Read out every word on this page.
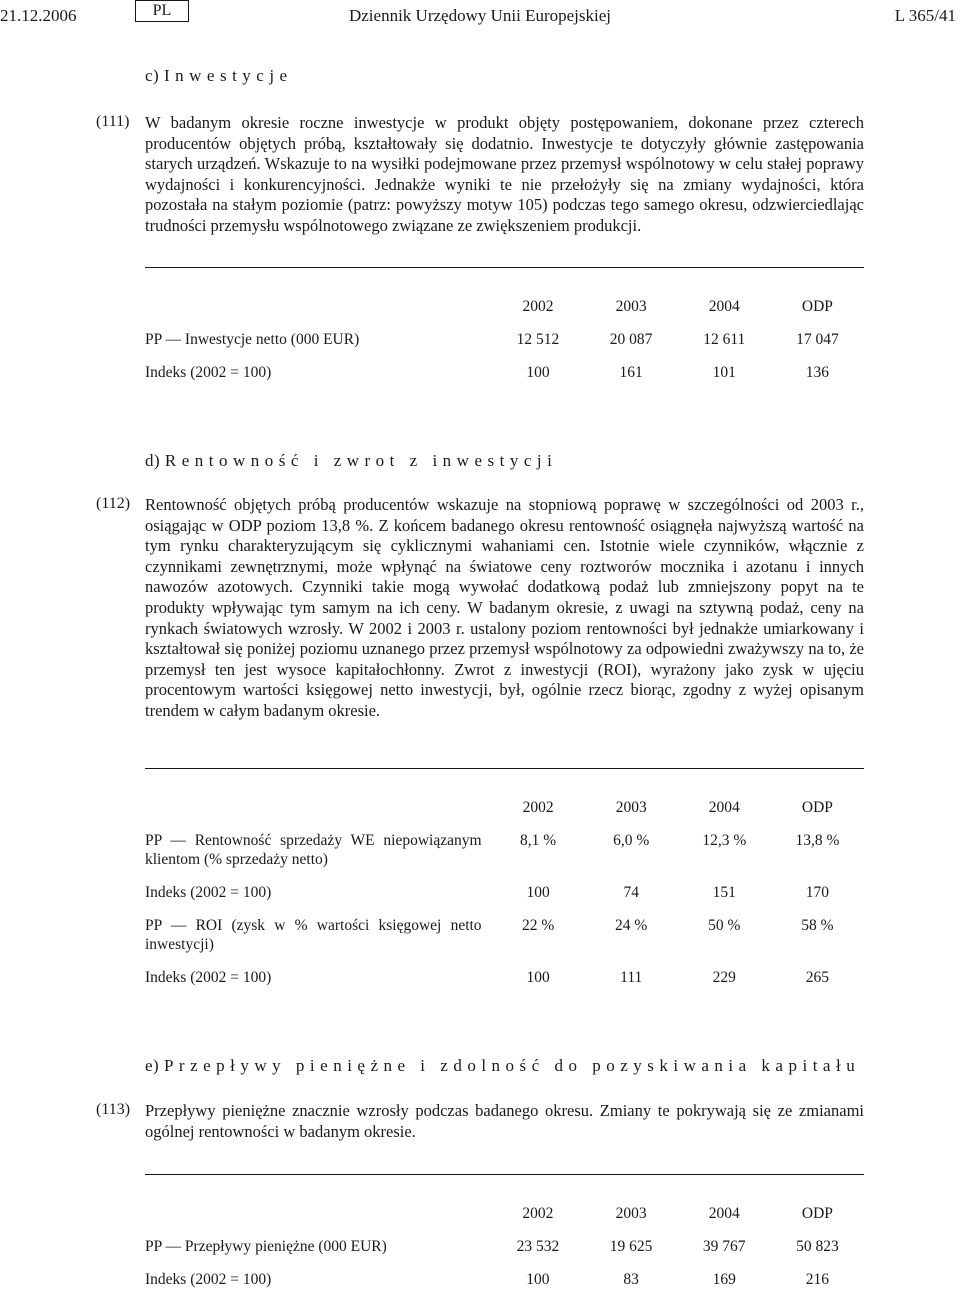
21.12.2006	PL	Dziennik Urzędowy Unii Europejskiej	L 365/41
c) Inwestycje
(111) W badanym okresie roczne inwestycje w produkt objęty postępowaniem, dokonane przez czterech producentów objętych próbą, kształtowały się dodatnio. Inwestycje te dotyczyły głównie zastępowania starych urządzeń. Wskazuje to na wysiłki podejmowane przez przemysł wspólnotowy w celu stałej poprawy wydajności i konkurencyjności. Jednakże wyniki te nie przełożyły się na zmiany wydajności, która pozostała na stałym poziomie (patrz: powyższy motyw 105) podczas tego samego okresu, odzwierciedlając trudności przemysłu wspólnotowego związane ze zwiększeniem produkcji.
	2002	2003	2004	ODP
PP — Inwestycje netto (000 EUR)	12 512	20 087	12 611	17 047
Indeks (2002 = 100)	100	161	101	136
d) Rentowność i zwrot z inwestycji
(112) Rentowność objętych próbą producentów wskazuje na stopniową poprawę w szczególności od 2003 r., osiągając w ODP poziom 13,8 %. Z końcem badanego okresu rentowność osiągnęła najwyższą wartość na tym rynku charakteryzującym się cyklicznymi wahaniami cen. Istotnie wiele czynników, włącznie z czynnikami zewnętrznymi, może wpłynąć na światowe ceny roztworów mocznika i azotanu i innych nawozów azotowych. Czynniki takie mogą wywołać dodatkową podaż lub zmniejszony popyt na te produkty wpływając tym samym na ich ceny. W badanym okresie, z uwagi na sztywną podaż, ceny na rynkach światowych wzrosły. W 2002 i 2003 r. ustalony poziom rentowności był jednakże umiarkowany i kształtował się poniżej poziomu uznanego przez przemysł wspólnotowy za odpowiedni zważywszy na to, że przemysł ten jest wysoce kapitałochłonny. Zwrot z inwestycji (ROI), wyrażony jako zysk w ujęciu procentowym wartości księgowej netto inwestycji, był, ogólnie rzecz biorąc, zgodny z wyżej opisanym trendem w całym badanym okresie.
	2002	2003	2004	ODP
PP — Rentowność sprzedaży WE niepowiązanym klientom (% sprzedaży netto)	8,1 %	6,0 %	12,3 %	13,8 %
Indeks (2002 = 100)	100	74	151	170
PP — ROI (zysk w % wartości księgowej netto inwestycji)	22 %	24 %	50 %	58 %
Indeks (2002 = 100)	100	111	229	265
e) Przepływy pieniężne i zdolność do pozyskiwania kapitału
(113) Przepływy pieniężne znacznie wzrosły podczas badanego okresu. Zmiany te pokrywają się ze zmianami ogólnej rentowności w badanym okresie.
	2002	2003	2004	ODP
PP — Przepływy pieniężne (000 EUR)	23 532	19 625	39 767	50 823
Indeks (2002 = 100)	100	83	169	216
